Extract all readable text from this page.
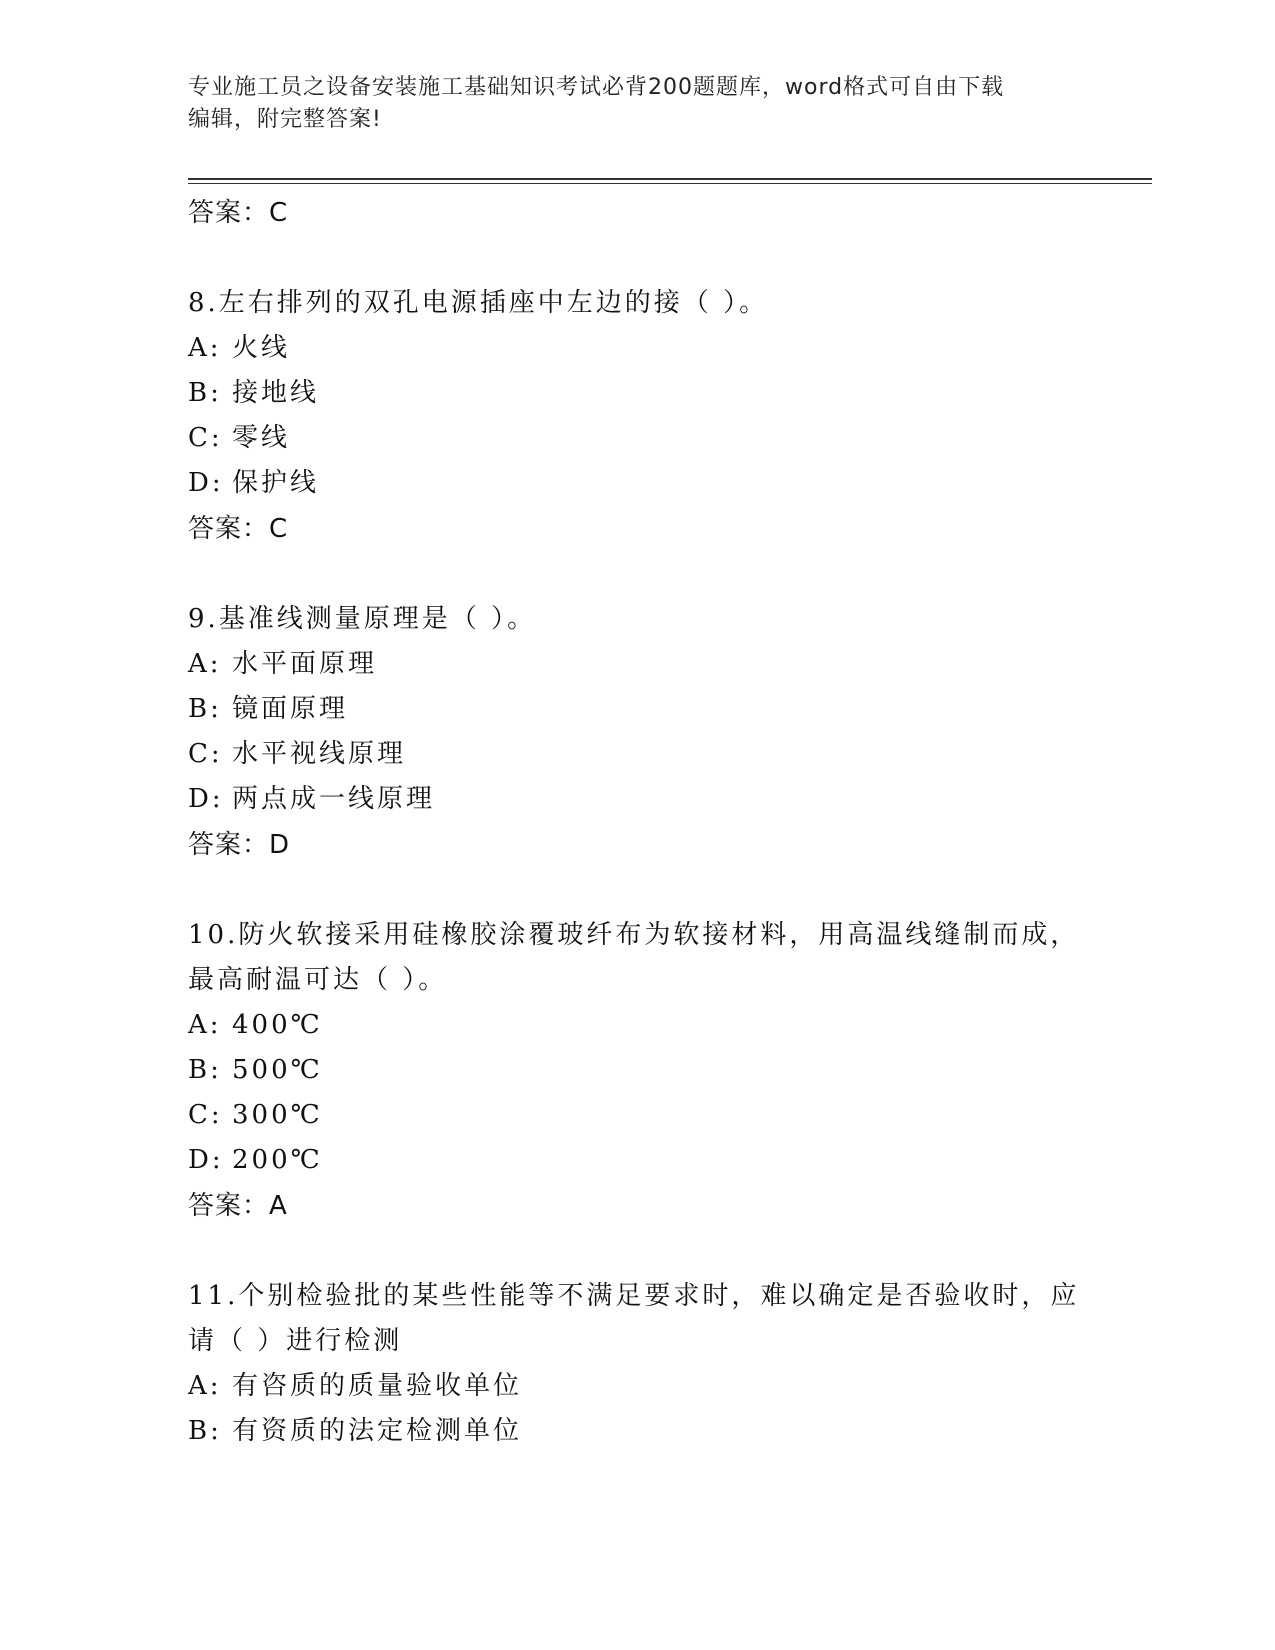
专业施工员之设备安装施工基础知识考试必背200题题库，word格式可自由下载
编辑，附完整答案!
答案：C
8.左右排列的双孔电源插座中左边的接（ ）。
A: 火线
B: 接地线
C: 零线
D: 保护线
答案：C
9.基准线测量原理是（ ）。
A: 水平面原理
B: 镜面原理
C: 水平视线原理
D: 两点成一线原理
答案：D
10.防火软接采用硅橡胶涂覆玻纤布为软接材料，用高温线缝制而成，
最高耐温可达（ ）。
A: 400℃
B: 500℃
C: 300℃
D: 200℃
答案：A
11.个别检验批的某些性能等不满足要求时，难以确定是否验收时，应
请（ ）进行检测
A: 有咨质的质量验收单位
B: 有资质的法定检测单位
